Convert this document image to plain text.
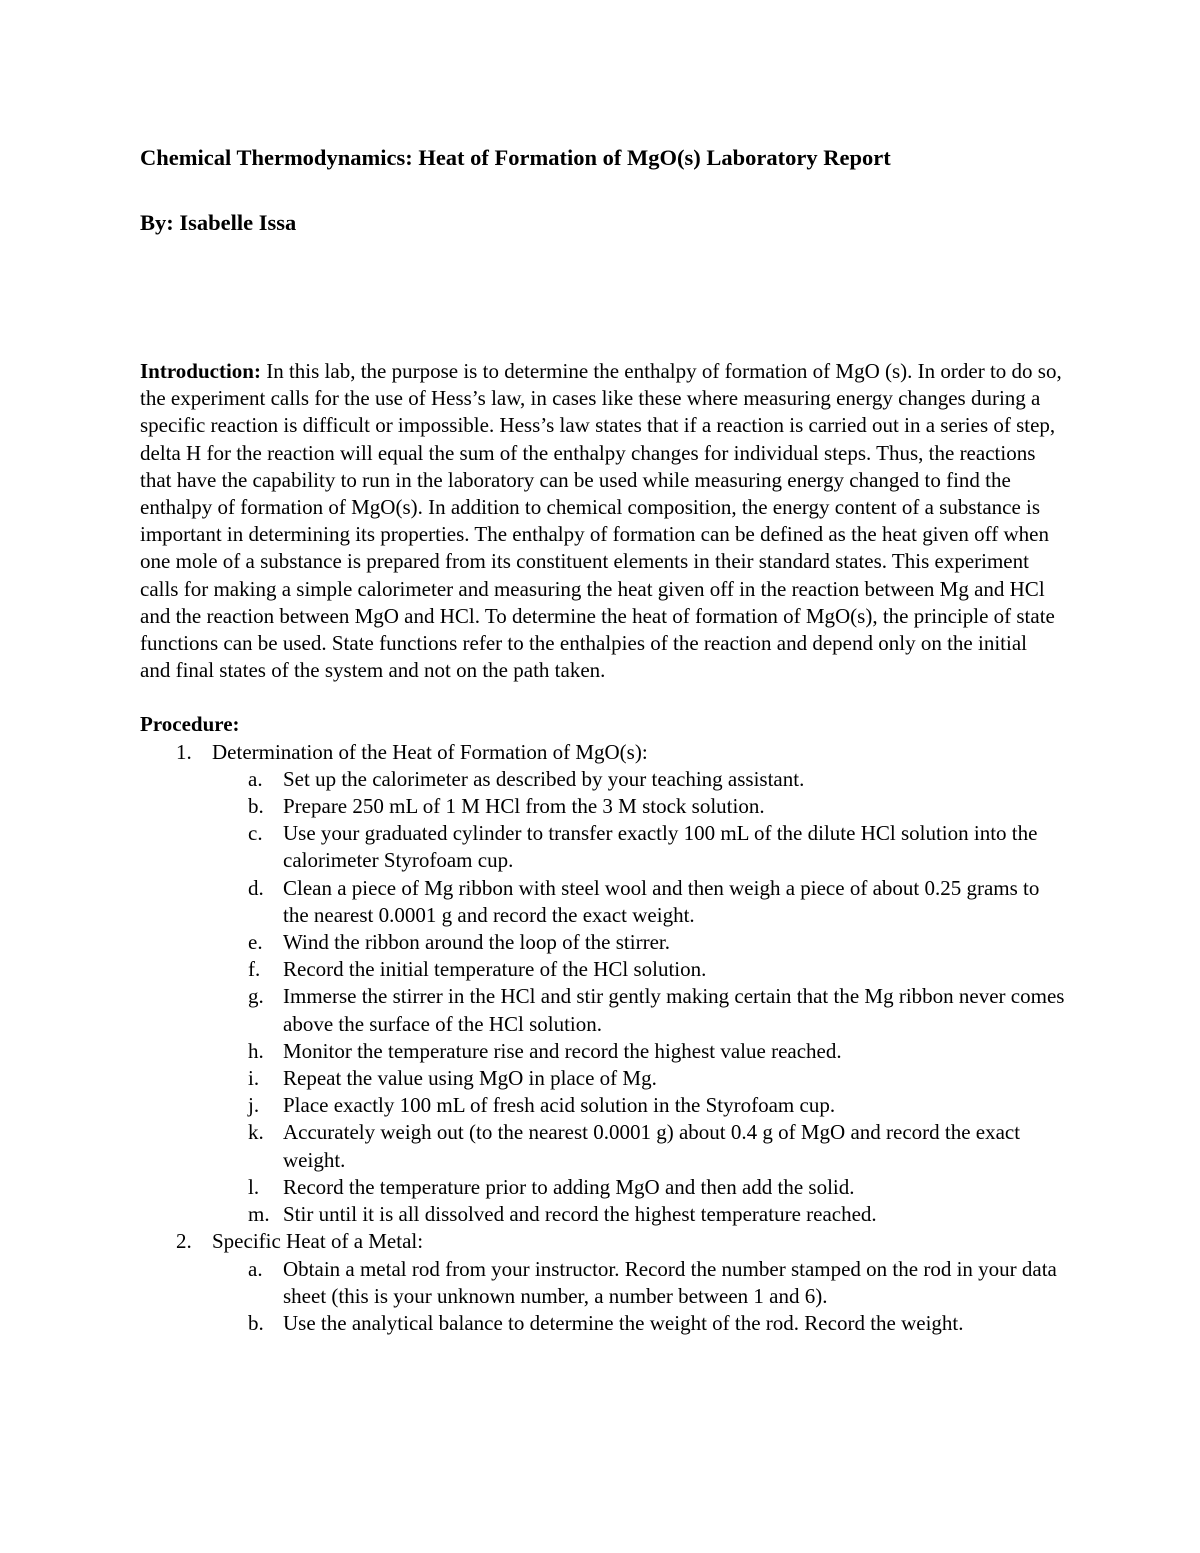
Chemical Thermodynamics: Heat of Formation of MgO(s) Laboratory Report
By: Isabelle Issa

Introduction: In this lab, the purpose is to determine the enthalpy of formation of MgO (s). In order to do so, the experiment calls for the use of Hess’s law, in cases like these where measuring energy changes during a specific reaction is difficult or impossible. Hess’s law states that if a reaction is carried out in a series of step, delta H for the reaction will equal the sum of the enthalpy changes for individual steps. Thus, the reactions that have the capability to run in the laboratory can be used while measuring energy changed to find the enthalpy of formation of MgO(s). In addition to chemical composition, the energy content of a substance is important in determining its properties. The enthalpy of formation can be defined as the heat given off when one mole of a substance is prepared from its constituent elements in their standard states. This experiment calls for making a simple calorimeter and measuring the heat given off in the reaction between Mg and HCl and the reaction between MgO and HCl. To determine the heat of formation of MgO(s), the principle of state functions can be used. State functions refer to the enthalpies of the reaction and depend only on the initial and final states of the system and not on the path taken.

Procedure:
1. Determination of the Heat of Formation of MgO(s):
a. Set up the calorimeter as described by your teaching assistant.
b. Prepare 250 mL of 1 M HCl from the 3 M stock solution.
c. Use your graduated cylinder to transfer exactly 100 mL of the dilute HCl solution into the calorimeter Styrofoam cup.
d. Clean a piece of Mg ribbon with steel wool and then weigh a piece of about 0.25 grams to the nearest 0.0001 g and record the exact weight.
e. Wind the ribbon around the loop of the stirrer.
f. Record the initial temperature of the HCl solution.
g. Immerse the stirrer in the HCl and stir gently making certain that the Mg ribbon never comes above the surface of the HCl solution.
h. Monitor the temperature rise and record the highest value reached.
i. Repeat the value using MgO in place of Mg.
j. Place exactly 100 mL of fresh acid solution in the Styrofoam cup.
k. Accurately weigh out (to the nearest 0.0001 g) about 0.4 g of MgO and record the exact weight.
l. Record the temperature prior to adding MgO and then add the solid.
m. Stir until it is all dissolved and record the highest temperature reached.
2. Specific Heat of a Metal:
a. Obtain a metal rod from your instructor. Record the number stamped on the rod in your data sheet (this is your unknown number, a number between 1 and 6).
b. Use the analytical balance to determine the weight of the rod. Record the weight.
